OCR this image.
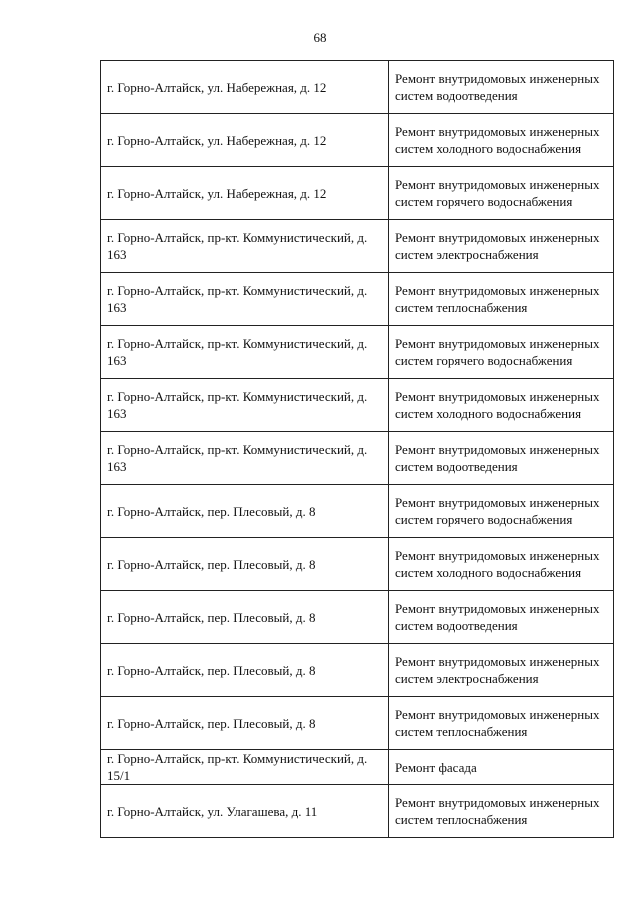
68
г. Горно-Алтайск, ул. Набережная, д. 12	Ремонт внутридомовых инженерных систем водоотведения
г. Горно-Алтайск, ул. Набережная, д. 12	Ремонт внутридомовых инженерных систем холодного водоснабжения
г. Горно-Алтайск, ул. Набережная, д. 12	Ремонт внутридомовых инженерных систем горячего водоснабжения
г. Горно-Алтайск, пр-кт. Коммунистический, д. 163	Ремонт внутридомовых инженерных систем электроснабжения
г. Горно-Алтайск, пр-кт. Коммунистический, д. 163	Ремонт внутридомовых инженерных систем теплоснабжения
г. Горно-Алтайск, пр-кт. Коммунистический, д. 163	Ремонт внутридомовых инженерных систем горячего водоснабжения
г. Горно-Алтайск, пр-кт. Коммунистический, д. 163	Ремонт внутридомовых инженерных систем холодного водоснабжения
г. Горно-Алтайск, пр-кт. Коммунистический, д. 163	Ремонт внутридомовых инженерных систем водоотведения
г. Горно-Алтайск, пер. Плесовый, д. 8	Ремонт внутридомовых инженерных систем горячего водоснабжения
г. Горно-Алтайск, пер. Плесовый, д. 8	Ремонт внутридомовых инженерных систем холодного водоснабжения
г. Горно-Алтайск, пер. Плесовый, д. 8	Ремонт внутридомовых инженерных систем водоотведения
г. Горно-Алтайск, пер. Плесовый, д. 8	Ремонт внутридомовых инженерных систем электроснабжения
г. Горно-Алтайск, пер. Плесовый, д. 8	Ремонт внутридомовых инженерных систем теплоснабжения
г. Горно-Алтайск, пр-кт. Коммунистический, д. 15/1	Ремонт фасада
г. Горно-Алтайск, ул. Улагашева, д. 11	Ремонт внутридомовых инженерных систем теплоснабжения
